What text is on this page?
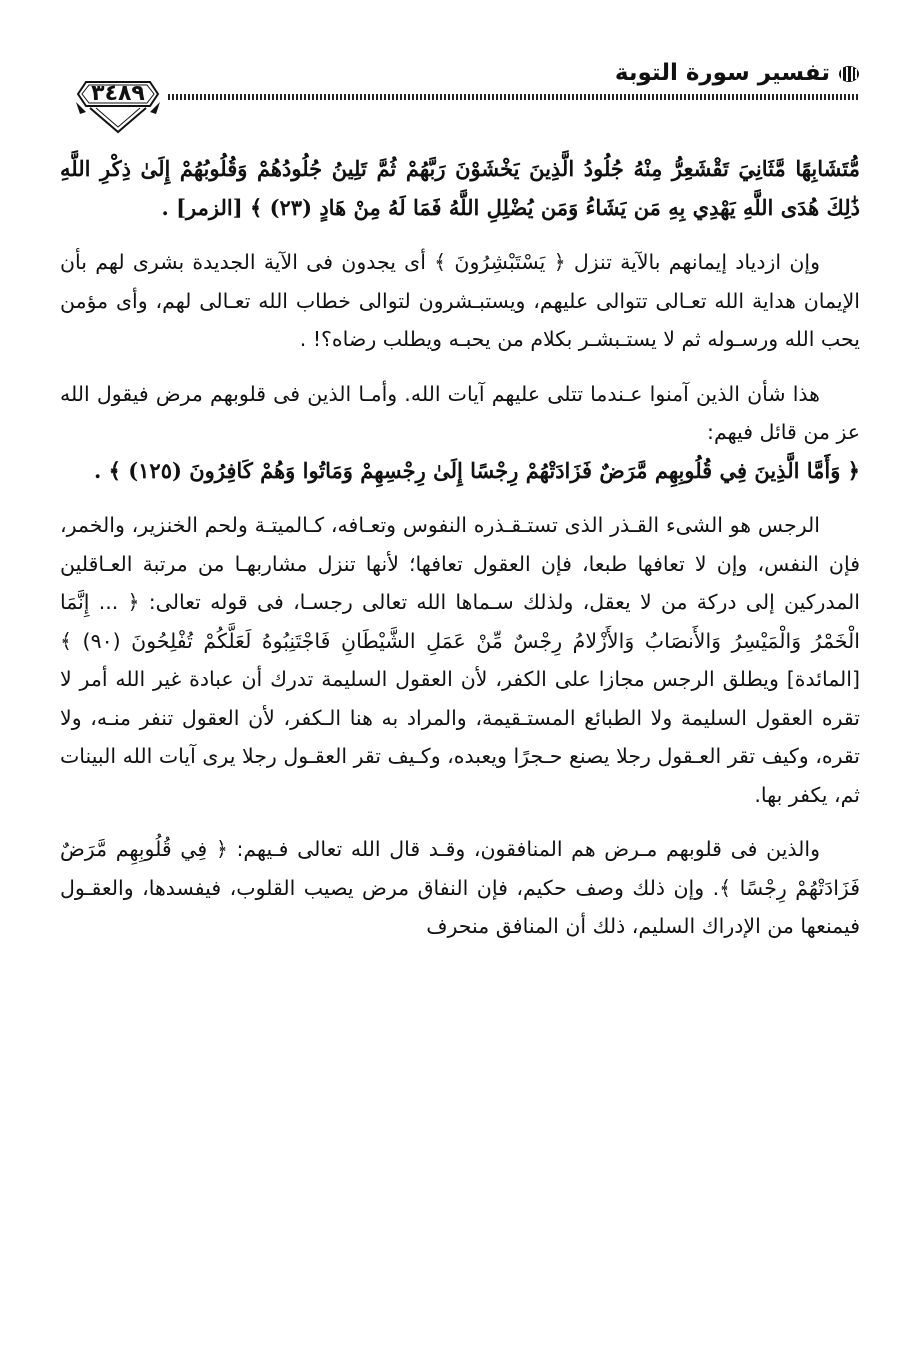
تفسير سورة التوبة
٣٤٨٩

مُّتَشَابِهًا مَّثَانِيَ تَقْشَعِرُّ مِنْهُ جُلُودُ الَّذِينَ يَخْشَوْنَ رَبَّهُمْ ثُمَّ تَلِينُ جُلُودُهُمْ وَقُلُوبُهُمْ إِلَىٰ ذِكْرِ اللَّهِ ذَٰلِكَ هُدَى اللَّهِ يَهْدِي بِهِ مَن يَشَاءُ وَمَن يُضْلِلِ اللَّهُ فَمَا لَهُ مِنْ هَادٍ (٢٣) ﴾ [الزمر] .

وإن ازدياد إيمانهم بالآية تنزل ﴿ يَسْتَبْشِرُونَ ﴾ أى يجدون فى الآية الجديدة بشرى لهم بأن الإيمان هداية الله تعـالى تتوالى عليهم، ويستبـشرون لتوالى خطاب الله تعـالى لهم، وأى مؤمن يحب الله ورسـوله ثم لا يستـبشـر بكلام من يحبـه ويطلب رضاه؟! .

هذا شأن الذين آمنوا عـندما تتلى عليهم آيات الله. وأمـا الذين فى قلوبهم مرض فيقول الله عز من قائل فيهم:

﴿ وَأَمَّا الَّذِينَ فِي قُلُوبِهِم مَّرَضٌ فَزَادَتْهُمْ رِجْسًا إِلَىٰ رِجْسِهِمْ وَمَاتُوا وَهُمْ كَافِرُونَ (١٢٥) ﴾ .

الرجس هو الشىء القـذر الذى تستـقـذره النفوس وتعـافه، كـالميتـة ولحم الخنزير، والخمر، فإن النفس، وإن لا تعافها طبعا، فإن العقول تعافها؛ لأنها تنزل مشاربهـا من مرتبة العـاقلين المدركين إلى دركة من لا يعقل، ولذلك سـماها الله تعالى رجسـا، فى قوله تعالى: ﴿ ... إِنَّمَا الْخَمْرُ وَالْمَيْسِرُ وَالأَنصَابُ وَالأَزْلامُ رِجْسٌ مِّنْ عَمَلِ الشَّيْطَانِ فَاجْتَنِبُوهُ لَعَلَّكُمْ تُفْلِحُونَ (٩٠) ﴾ [المائدة] ويطلق الرجس مجازا على الكفر، لأن العقول السليمة تدرك أن عبادة غير الله أمر لا تقره العقول السليمة ولا الطبائع المستـقيمة، والمراد به هنا الـكفر، لأن العقول تنفر منـه، ولا تقره، وكيف تقر العـقول رجلا يصنع حـجرًا ويعبده، وكـيف تقر العقـول رجلا يرى آيات الله البينات ثم، يكفر بها.

والذين فى قلوبهم مـرض هم المنافقون، وقـد قال الله تعالى فـيهم: ﴿ فِي قُلُوبِهِم مَّرَضٌ فَزَادَتْهُمْ رِجْسًا ﴾. وإن ذلك وصف حكيم، فإن النفاق مرض يصيب القلوب، فيفسدها، والعقـول فيمنعها من الإدراك السليم، ذلك أن المنافق منحرف
